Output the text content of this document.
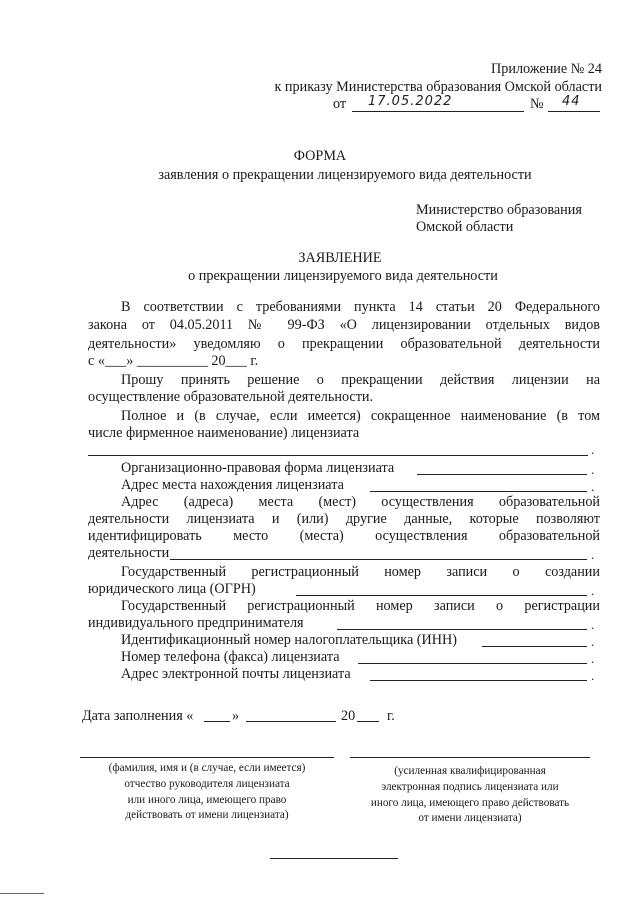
Приложение № 24
к приказу Министерства образования Омской области
от 17.05.2022	№ 44
ФОРМА
заявления о прекращении лицензируемого вида деятельности
Министерство образования
Омской области
ЗАЯВЛЕНИЕ
о прекращении лицензируемого вида деятельности
В соответствии с требованиями пункта 14 статьи 20 Федерального
закона от 04.05.2011 № 99-ФЗ «О лицензировании отдельных видов
деятельности» уведомляю о прекращении образовательной деятельности
с «___» __________ 20___ г.
Прошу принять решение о прекращении действия лицензии на
осуществление образовательной деятельности.
Полное и (в случае, если имеется) сокращенное наименование (в том
числе фирменное наименование) лицензиата
.
Организационно-правовая форма лицензиата	.
Адрес места нахождения лицензиата	.
Адрес (адреса) места (мест) осуществления образовательной
деятельности лицензиата и (или) другие данные, которые позволяют
идентифицировать место (места) осуществления образовательной
деятельности	.
Государственный регистрационный номер записи о создании
юридического лица (ОГРН)	.
Государственный регистрационный номер записи о регистрации
индивидуального предпринимателя	.
Идентификационный номер налогоплательщика (ИНН)	.
Номер телефона (факса) лицензиата	.
Адрес электронной почты лицензиата	.
Дата заполнения «	»	20 г.
(фамилия, имя и (в случае, если имеется)
отчество руководителя лицензиата
или иного лица, имеющего право
действовать от имени лицензиата)
(усиленная квалифицированная
электронная подпись лицензиата или
иного лица, имеющего право действовать
от имени лицензиата)
